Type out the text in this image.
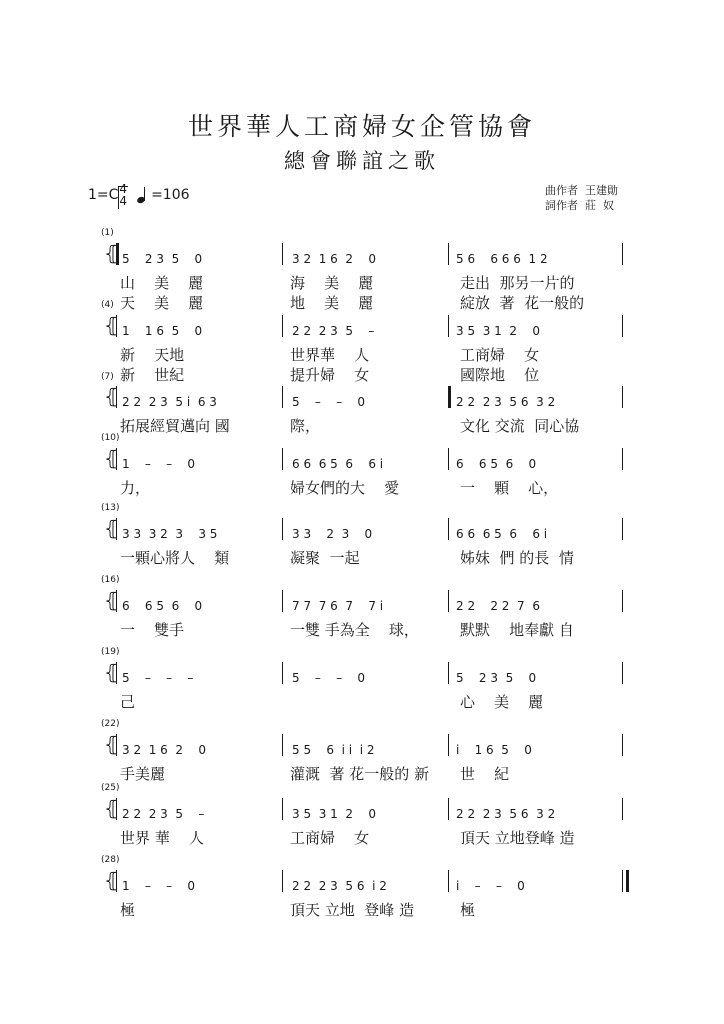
世界華人工商婦女企管協會
總會聯誼之歌
1=C 4
4 =106	曲作者  王建勛
詞作者  莊  奴
(1)
⦃ 5    2 3  5    0	3 2  1 6  2    0	5 6    6 6 6  1 2
山    美    麗	海    美    麗	走出  那另一片的
天    美    麗	地    美    麗	綻放  著  花一般的
(4)
⦃ 1    1 6  5    0	2 2  2 3  5    –	3 5  3 1  2    0
新    天地	世界華    人	工商婦    女
新    世紀	提升婦    女	國際地    位
(7)
⦃ 2 2  2 3  5 i  6 3	5    –    –    0	2 2  2 3  5 6  3 2
拓展經貿邁向 國	際，	文化 交流  同心協
(10)
⦃ 1    –    –    0	6 6  6 5  6    6 i	6    6 5  6    0
力，	婦女們的大    愛	一    顆    心，
(13)
⦃ 3 3  3 2  3    3 5	3 3    2  3    0	6 6  6 5  6    6 i
一顆心將人    類	凝聚  一起	姊妹  們 的長  情
(16)
⦃ 6    6 5  6    0	7 7  7 6  7    7 i	2 2    2 2  7  6
一    雙手	一雙 手為全    球，	默默    地奉獻 自
(19)
⦃ 5    –    –    –	5    –    –    0	5    2 3  5    0
己	心    美    麗
(22)
⦃ 3 2  1 6  2    0	5 5    6  i i  i 2	i    1 6  5    0
手美麗	灌溉  著 花一般的 新	世    紀
(25)
⦃ 2 2  2 3  5    –	3 5  3 1  2    0	2 2  2 3  5 6  3 2
世界 華    人	工商婦    女	頂天 立地登峰 造
(28)
⦃ 1    –    –    0	2 2  2 3  5 6  i 2	i    –    –    0
極	頂天 立地  登峰 造	極
